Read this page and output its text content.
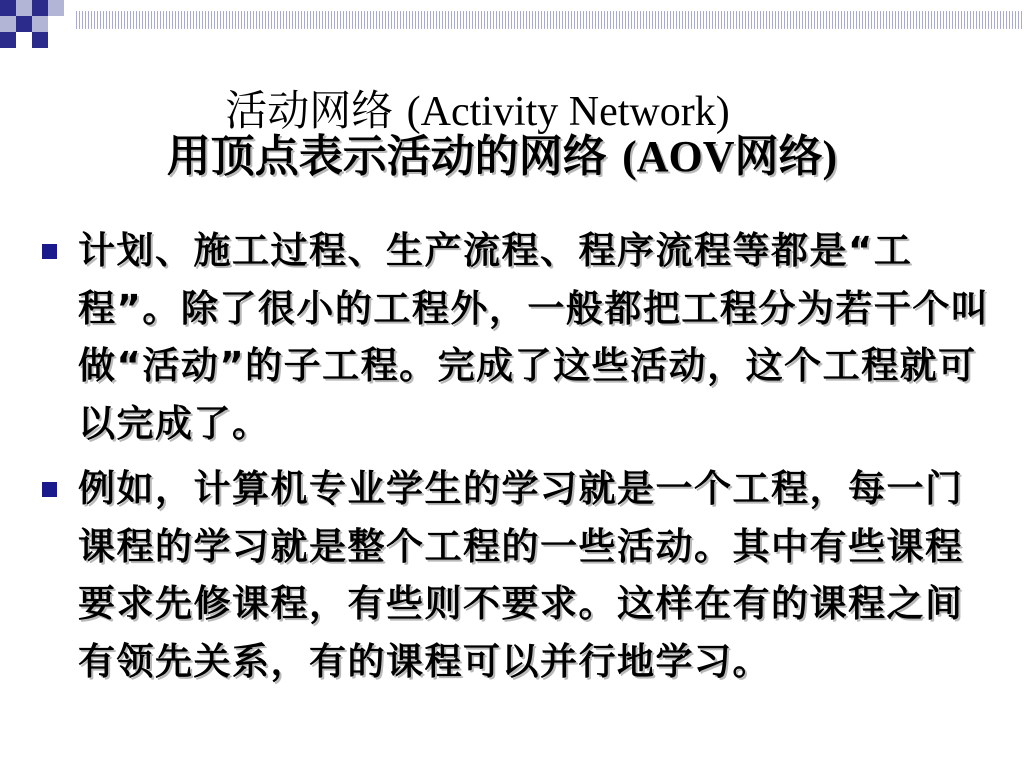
活动网络 (Activity Network)
用顶点表示活动的网络 (AOV网络)
计划、施工过程、生产流程、程序流程等都是“工程”。除了很小的工程外，一般都把工程分为若干个叫做“活动”的子工程。完成了这些活动，这个工程就可以完成了。
例如，计算机专业学生的学习就是一个工程，每一门课程的学习就是整个工程的一些活动。其中有些课程要求先修课程，有些则不要求。这样在有的课程之间有领先关系，有的课程可以并行地学习。
